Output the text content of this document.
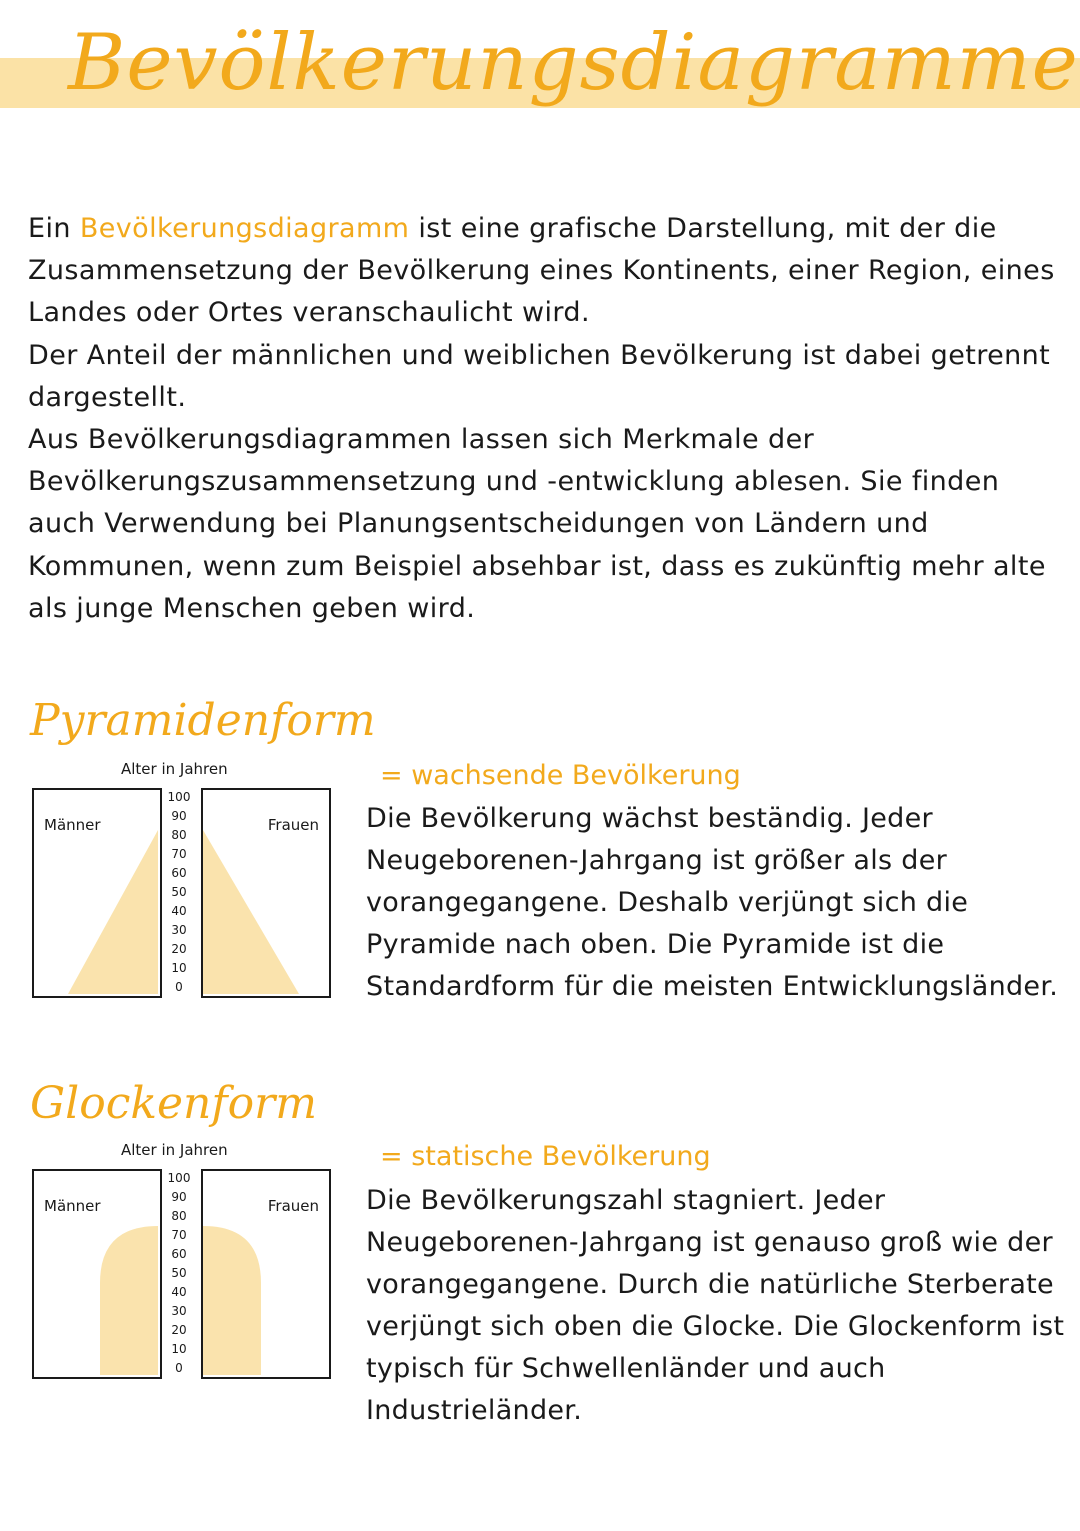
Bevölkerungsdiagramme

Ein Bevölkerungsdiagramm ist eine grafische Darstellung, mit der die Zusammensetzung der Bevölkerung eines Kontinents, einer Region, eines Landes oder Ortes veranschaulicht wird.

Der Anteil der männlichen und weiblichen Bevölkerung ist dabei getrennt dargestellt.

Aus Bevölkerungsdiagrammen lassen sich Merkmale der Bevölkerungszusammensetzung und -entwicklung ablesen. Sie finden auch Verwendung bei Planungsentscheidungen von Ländern und Kommunen, wenn zum Beispiel absehbar ist, dass es zukünftig mehr alte als junge Menschen geben wird.

Pyramidenform
Alter in Jahren
Männer
100
90
80
70
60
50
40
30
20
10
0
Frauen
= wachsende Bevölkerung
Die Bevölkerung wächst beständig. Jeder Neugeborenen-Jahrgang ist größer als der vorangegangene. Deshalb verjüngt sich die Pyramide nach oben. Die Pyramide ist die Standardform für die meisten Entwicklungsländer.
Glockenform
Alter in Jahren
Männer
100
90
80
70
60
50
40
30
20
10
0
Frauen
= statische Bevölkerung
Die Bevölkerungszahl stagniert. Jeder Neugeborenen-Jahrgang ist genauso groß wie der vorangegangene. Durch die natürliche Sterberate verjüngt sich oben die Glocke. Die Glockenform ist typisch für Schwellenländer und auch Industrieländer.
